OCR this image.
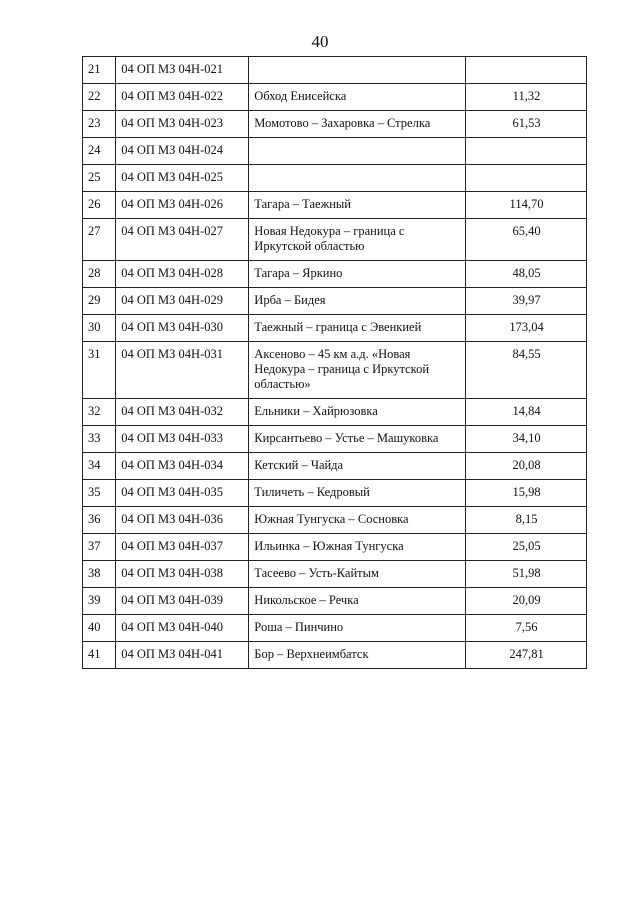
40
21	04 ОП МЗ 04Н-021		
22	04 ОП МЗ 04Н-022	Обход Енисейска	11,32
23	04 ОП МЗ 04Н-023	Момотово – Захаровка – Стрелка	61,53
24	04 ОП МЗ 04Н-024		
25	04 ОП МЗ 04Н-025		
26	04 ОП МЗ 04Н-026	Тагара – Таежный	114,70
27	04 ОП МЗ 04Н-027	Новая Недокура – граница с Иркутской областью	65,40
28	04 ОП МЗ 04Н-028	Тагара – Яркино	48,05
29	04 ОП МЗ 04Н-029	Ирба – Бидея	39,97
30	04 ОП МЗ 04Н-030	Таежный – граница с Эвенкией	173,04
31	04 ОП МЗ 04Н-031	Аксеново – 45 км а.д. «Новая Недокура – граница с Иркутской областью»	84,55
32	04 ОП МЗ 04Н-032	Ельники – Хайрюзовка	14,84
33	04 ОП МЗ 04Н-033	Кирсантьево – Устье – Машуковка	34,10
34	04 ОП МЗ 04Н-034	Кетский – Чайда	20,08
35	04 ОП МЗ 04Н-035	Тиличеть – Кедровый	15,98
36	04 ОП МЗ 04Н-036	Южная Тунгуска – Сосновка	8,15
37	04 ОП МЗ 04Н-037	Ильинка – Южная Тунгуска	25,05
38	04 ОП МЗ 04Н-038	Тасеево – Усть-Кайтым	51,98
39	04 ОП МЗ 04Н-039	Никольское – Речка	20,09
40	04 ОП МЗ 04Н-040	Роша – Пинчино	7,56
41	04 ОП МЗ 04Н-041	Бор – Верхнеимбатск	247,81
